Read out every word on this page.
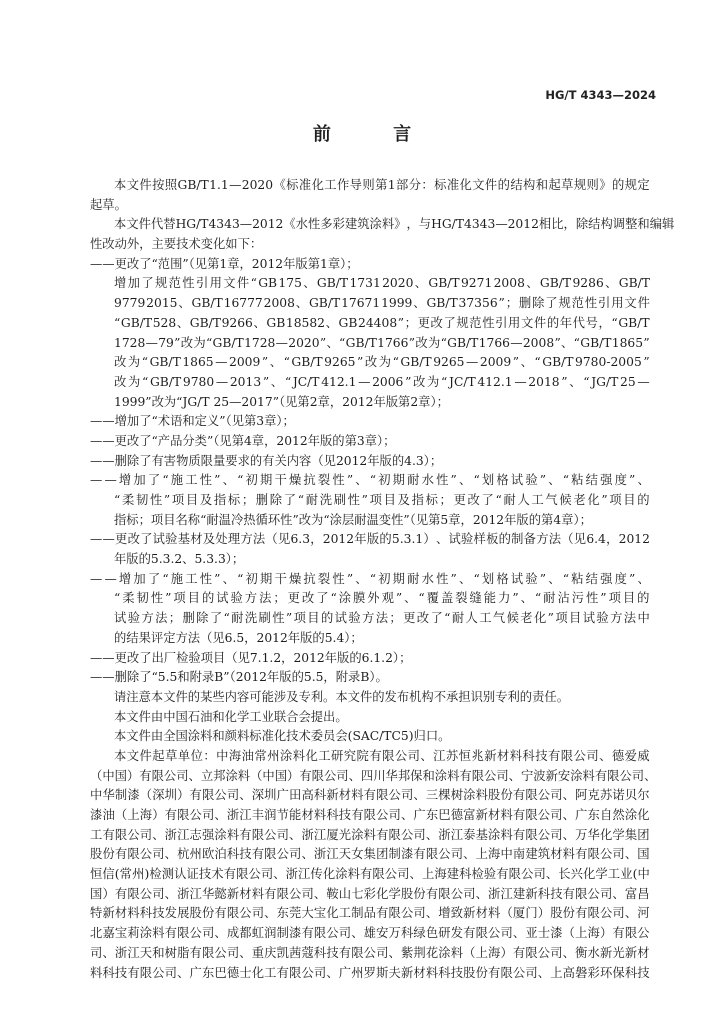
HG/T 4343—2024
前 言
本 文 件 按 照 GB/T 1.1 — 2020 《 标 准 化 工 作 导 则 第 1 部 分 ： 标 准 化 文 件 的 结 构 和 起 草 规 则 》 的 规 定
起草。
本 文 件 代 替 HG/T 4343 — 2012 《 水 性 多 彩 建 筑 涂 料 》 ， 与 HG/T 4343 — 2012 相 比 ， 除 结 构 调 整 和 编 辑
性改动外，主要技术变化如下：
——更改了“范围”（见第1章，2012年版第1章）；
增 加 了 规 范 性 引 用 文 件 “ GB 175 、 GB/T 1731 2020 、 GB/T 9271 2008 、 GB/T 9286 、 GB/T
9779 2015 、 GB/T 16777 2008 、 GB/T 17671 1999 、 GB/T 37356 ” ； 删 除 了 规 范 性 引 用 文 件
“ GB/T 528 、 GB/T 9266 、 GB 18582 、 GB 24408 ” ； 更 改 了 规 范 性 引 用 文 件 的 年 代 号 ， “ GB/T
1728 — 79 ” 改 为 “ GB/T 1728 — 2020 ” 、 “ GB/T 1766 ” 改 为 “ GB/T 1766 — 2008 ” 、 “ GB/T 1865 ”
改 为 “ GB/T 1865 — 2009 ” 、 “ GB/T 9265 ” 改 为 “ GB/T 9265 — 2009 ” 、 “ GB/T 9780-2005 ”
改 为 “ GB/T 9780 — 2013 ” 、 “ JC/T 412.1 — 2006 ” 改 为 “ JC/T 412.1 — 2018 ” 、 “ JG/T 25 —
1999”改为“JG/T 25—2017”（见第2章，2012年版第2章）；
——增加了“术语和定义”（见第3章）；
——更改了“产品分类”（见第4章，2012年版的第3章）；
——删除了有害物质限量要求的有关内容（见2012年版的4.3）；
— — 增 加 了 “ 施 工 性 ” 、 “ 初 期 干 燥 抗 裂 性 ” 、 “ 初 期 耐 水 性 ” 、 “ 划 格 试 验 ” 、 “ 粘 结 强 度 ” 、
“ 柔 韧 性 ” 项 目 及 指 标 ； 删 除 了 “ 耐 洗 刷 性 ” 项 目 及 指 标 ； 更 改 了 “ 耐 人 工 气 候 老 化 ” 项 目 的
指标；项目名称“耐温冷热循环性”改为“涂层耐温变性”（见第5章，2012年版的第4章）；
— — 更 改 了 试 验 基 材 及 处 理 方 法 （ 见 6.3 ， 2012 年 版 的 5.3.1 ） 、 试 验 样 板 的 制 备 方 法 （ 见 6.4 ， 2012
年版的5.3.2、5.3.3）；
— — 增 加 了 “ 施 工 性 ” 、 “ 初 期 干 燥 抗 裂 性 ” 、 “ 初 期 耐 水 性 ” 、 “ 划 格 试 验 ” 、 “ 粘 结 强 度 ” 、
“ 柔 韧 性 ” 项 目 的 试 验 方 法 ； 更 改 了 “ 涂 膜 外 观 ” 、 “ 覆 盖 裂 缝 能 力 ” 、 “ 耐 沾 污 性 ” 项 目 的
试 验 方 法 ； 删 除 了 “ 耐 洗 刷 性 ” 项 目 的 试 验 方 法 ； 更 改 了 “ 耐 人 工 气 候 老 化 ” 项 目 试 验 方 法 中
的结果评定方法（见6.5，2012年版的5.4）；
——更改了出厂检验项目（见7.1.2，2012年版的6.1.2）；
——删除了“5.5和附录B”（2012年版的5.5，附录B）。
请注意本文件的某些内容可能涉及专利。本文件的发布机构不承担识别专利的责任。
本文件由中国石油和化学工业联合会提出。
本文件由全国涂料和颜料标准化技术委员会(SAC/TC5)归口。
本 文 件 起 草 单 位 ： 中 海 油 常 州 涂 料 化 工 研 究 院 有 限 公 司 、 江 苏 恒 兆 新 材 料 科 技 有 限 公 司 、 德 爱 威
（ 中 国 ） 有 限 公 司 、 立 邦 涂 料 （ 中 国 ） 有 限 公 司 、 四 川 华 邦 保 和 涂 料 有 限 公 司 、 宁 波 新 安 涂 料 有 限 公 司 、
中 华 制 漆 （ 深 圳 ） 有 限 公 司 、 深 圳 广 田 高 科 新 材 料 有 限 公 司 、 三 棵 树 涂 料 股 份 有 限 公 司 、 阿 克 苏 诺 贝 尔
漆 油 （ 上 海 ） 有 限 公 司 、 浙 江 丰 润 节 能 材 料 科 技 有 限 公 司 、 广 东 巴 德 富 新 材 料 有 限 公 司 、 广 东 自 然 涂 化
工 有 限 公 司 、 浙 江 志 强 涂 料 有 限 公 司 、 浙 江 厦 光 涂 料 有 限 公 司 、 浙 江 泰 基 涂 料 有 限 公 司 、 万 华 化 学 集 团
股 份 有 限 公 司 、 杭 州 欧 泊 科 技 有 限 公 司 、 浙 江 天 女 集 团 制 漆 有 限 公 司 、 上 海 中 南 建 筑 材 料 有 限 公 司 、 国
恒 信 ( 常 州 ) 检 测 认 证 技 术 有 限 公 司 、 浙 江 传 化 涂 料 有 限 公 司 、 上 海 建 科 检 验 有 限 公 司 、 长 兴 化 学 工 业 ( 中
国 ） 有 限 公 司 、 浙 江 华 懿 新 材 料 有 限 公 司 、 鞍 山 七 彩 化 学 股 份 有 限 公 司 、 浙 江 建 新 科 技 有 限 公 司 、 富 昌
特 新 材 料 科 技 发 展 股 份 有 限 公 司 、 东 莞 大 宝 化 工 制 品 有 限 公 司 、 增 致 新 材 料 （ 厦 门 ） 股 份 有 限 公 司 、 河
北 嘉 宝 莉 涂 料 有 限 公 司 、 成 都 虹 润 制 漆 有 限 公 司 、 雄 安 万 科 绿 色 研 发 有 限 公 司 、 亚 士 漆 （ 上 海 ） 有 限 公
司 、 浙 江 天 和 树 脂 有 限 公 司 、 重 庆 凯 茜 蔻 科 技 有 限 公 司 、 紫 荆 花 涂 料 （ 上 海 ） 有 限 公 司 、 衡 水 新 光 新 材
料 科 技 有 限 公 司 、 广 东 巴 德 士 化 工 有 限 公 司 、 广 州 罗 斯 夫 新 材 料 科 技 股 份 有 限 公 司 、 上 高 磐 彩 环 保 科 技
